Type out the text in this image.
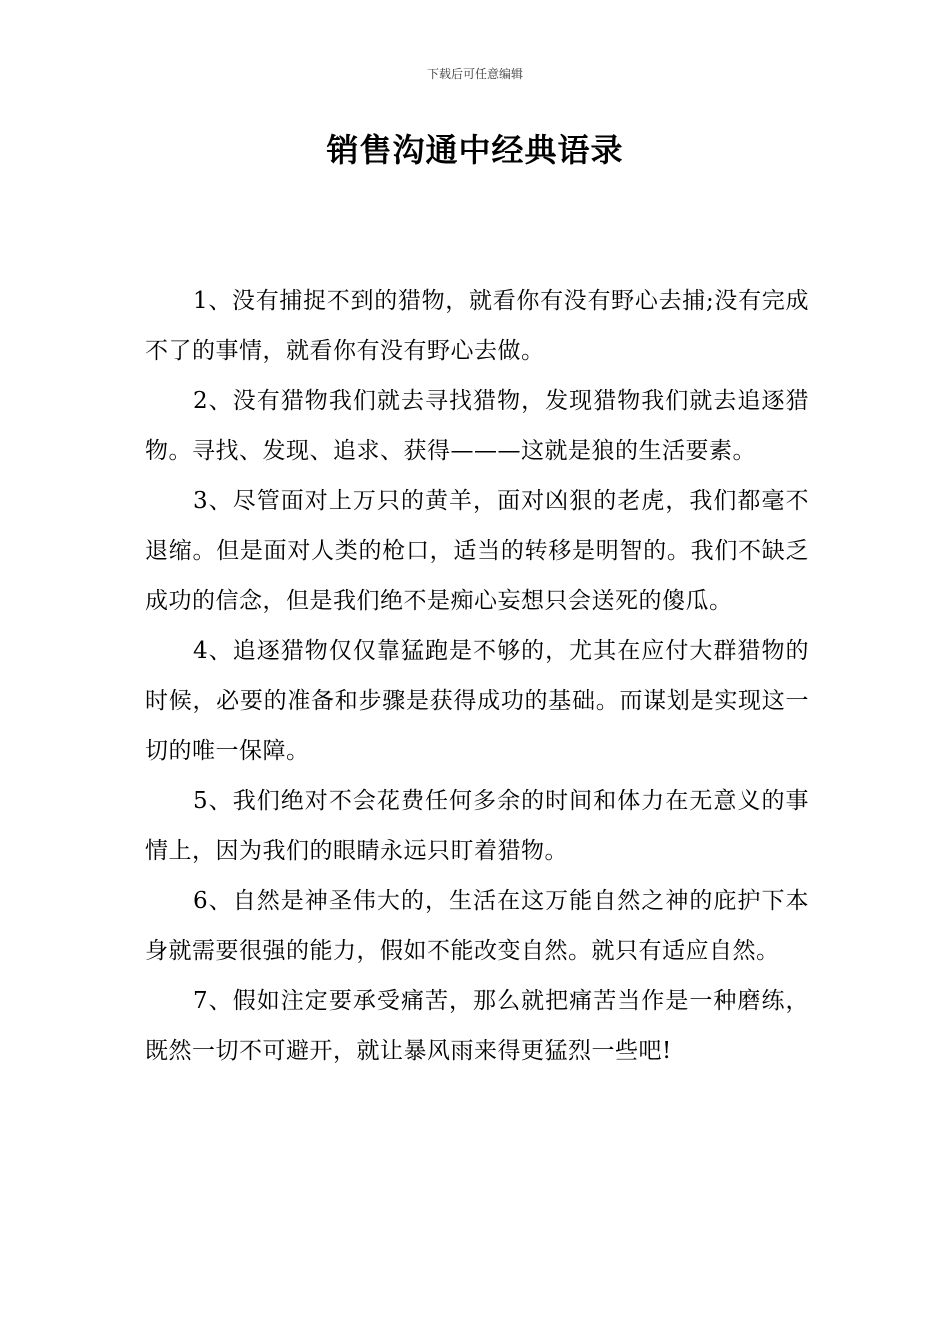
下载后可任意编辑
销售沟通中经典语录

1、没有捕捉不到的猎物，就看你有没有野心去捕;没有完成不了的事情，就看你有没有野心去做。

2、没有猎物我们就去寻找猎物，发现猎物我们就去追逐猎物。寻找、发现、追求、获得———这就是狼的生活要素。

3、尽管面对上万只的黄羊，面对凶狠的老虎，我们都毫不退缩。但是面对人类的枪口，适当的转移是明智的。我们不缺乏成功的信念，但是我们绝不是痴心妄想只会送死的傻瓜。

4、追逐猎物仅仅靠猛跑是不够的，尤其在应付大群猎物的时候，必要的准备和步骤是获得成功的基础。而谋划是实现这一切的唯一保障。

5、我们绝对不会花费任何多余的时间和体力在无意义的事情上，因为我们的眼睛永远只盯着猎物。

6、自然是神圣伟大的，生活在这万能自然之神的庇护下本身就需要很强的能力，假如不能改变自然。就只有适应自然。

7、假如注定要承受痛苦，那么就把痛苦当作是一种磨练，既然一切不可避开，就让暴风雨来得更猛烈一些吧!
